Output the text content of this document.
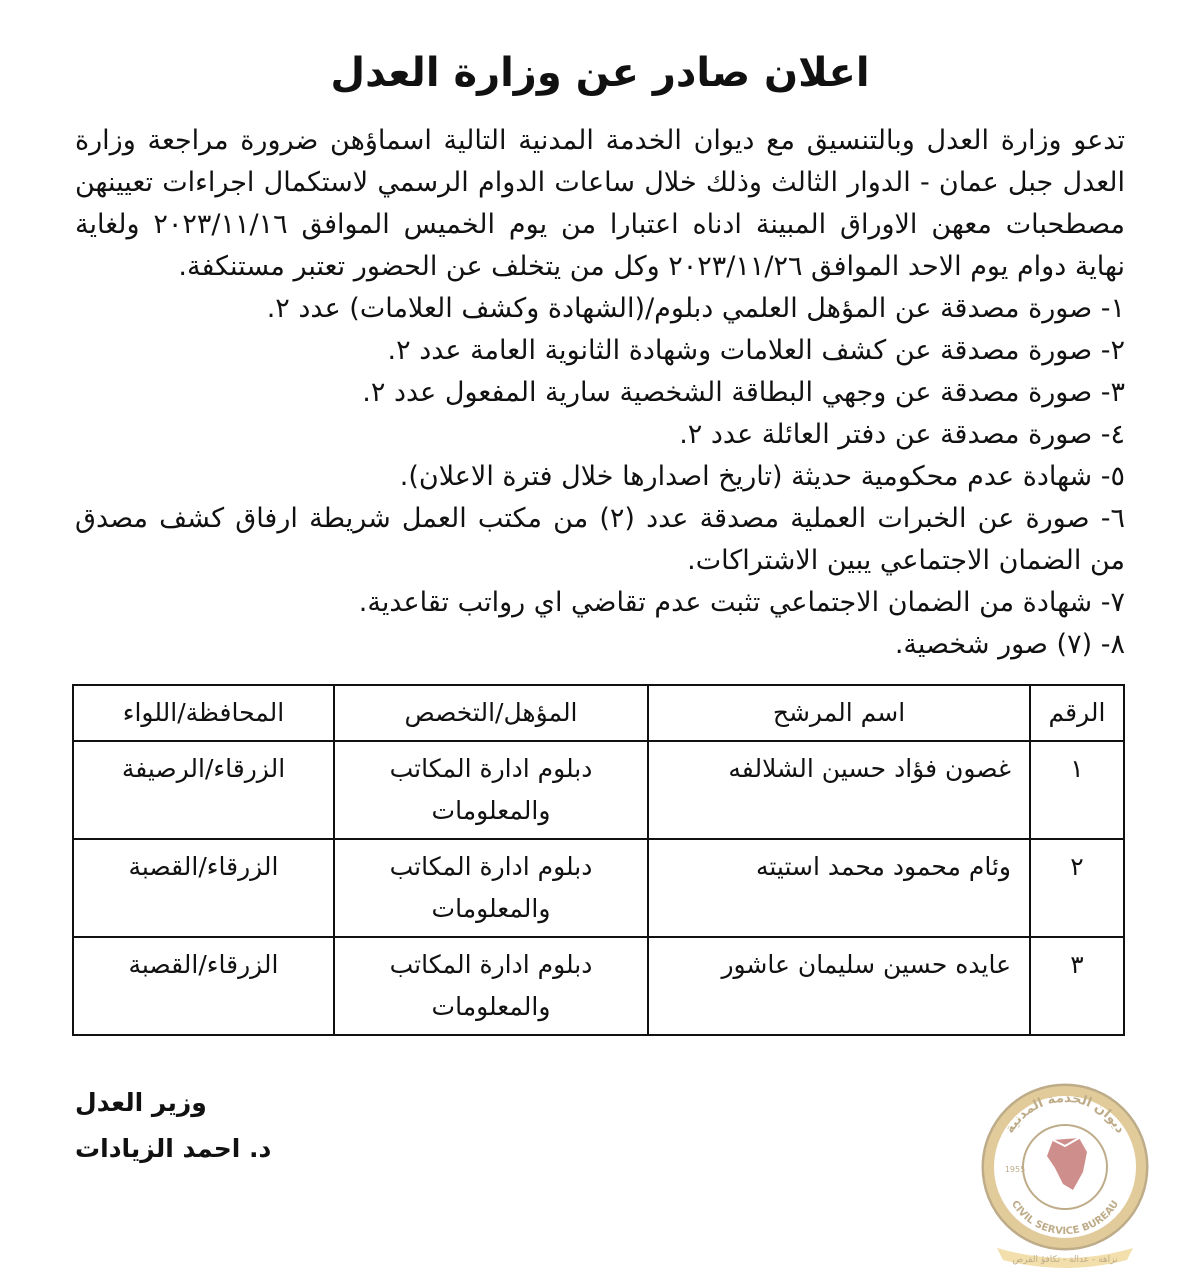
اعلان صادر عن وزارة العدل

تدعو وزارة العدل وبالتنسيق مع ديوان الخدمة المدنية التالية اسماؤهن ضرورة مراجعة وزارة العدل جبل عمان - الدوار الثالث وذلك خلال ساعات الدوام الرسمي لاستكمال اجراءات تعيينهن مصطحبات معهن الاوراق المبينة ادناه اعتبارا من يوم الخميس الموافق ٢٠٢٣/١١/١٦ ولغاية نهاية دوام يوم الاحد الموافق ٢٠٢٣/١١/٢٦ وكل من يتخلف عن الحضور تعتبر مستنكفة.

١- صورة مصدقة عن المؤهل العلمي دبلوم/(الشهادة وكشف العلامات) عدد ٢.
٢- صورة مصدقة عن كشف العلامات وشهادة الثانوية العامة عدد ٢.
٣- صورة مصدقة عن وجهي البطاقة الشخصية سارية المفعول عدد ٢.
٤- صورة مصدقة عن دفتر العائلة عدد ٢.
٥- شهادة عدم محكومية حديثة (تاريخ اصدارها خلال فترة الاعلان).
٦- صورة عن الخبرات العملية مصدقة عدد (٢) من مكتب العمل شريطة ارفاق كشف مصدق من الضمان الاجتماعي يبين الاشتراكات.
٧- شهادة من الضمان الاجتماعي تثبت عدم تقاضي اي رواتب تقاعدية.
٨- (٧) صور شخصية.
الرقم	اسم المرشح	المؤهل/التخصص	المحافظة/اللواء
١	غصون فؤاد حسين الشلالفه	دبلوم ادارة المكاتب والمعلومات	الزرقاء/الرصيفة
٢	وئام محمود محمد استيته	دبلوم ادارة المكاتب والمعلومات	الزرقاء/القصبة
٣	عايده حسين سليمان عاشور	دبلوم ادارة المكاتب والمعلومات	الزرقاء/القصبة
وزير العدل
د. احمد الزيادات
ديوان الخدمة المدنية
CIVIL SERVICE BUREAU
1955
نزاهة - عدالة - تكافؤ الفرص
